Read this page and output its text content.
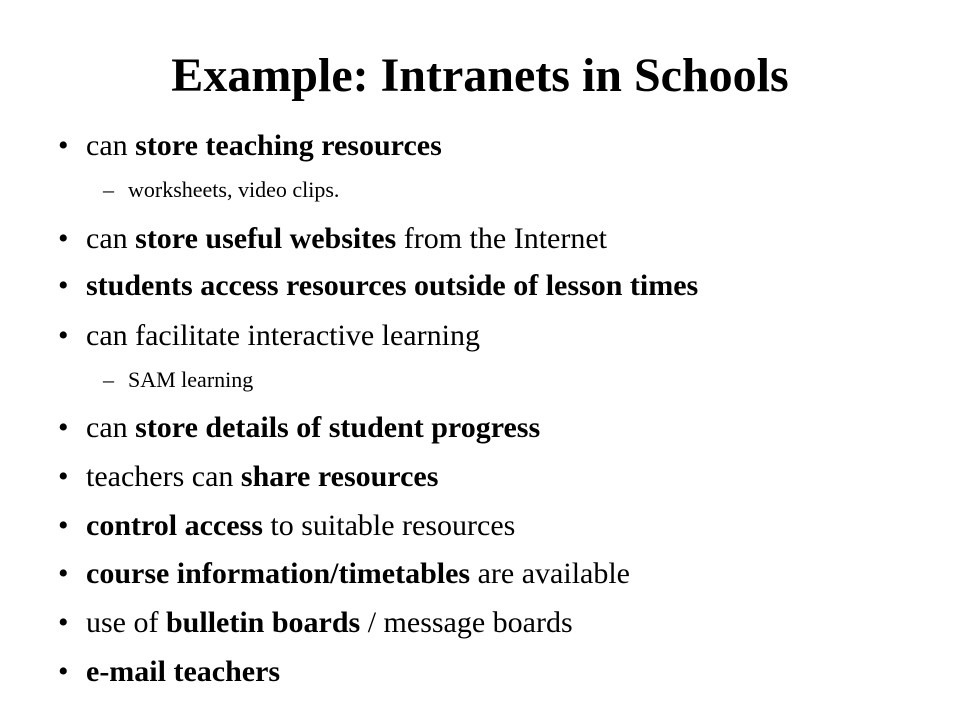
Example: Intranets in Schools
• can store teaching resources
– worksheets, video clips.
• can store useful websites from the Internet
• students access resources outside of lesson times
• can facilitate interactive learning
– SAM learning
• can store details of student progress
• teachers can share resources
• control access to suitable resources
• course information/timetables are available
• use of bulletin boards / message boards
• e-mail teachers
